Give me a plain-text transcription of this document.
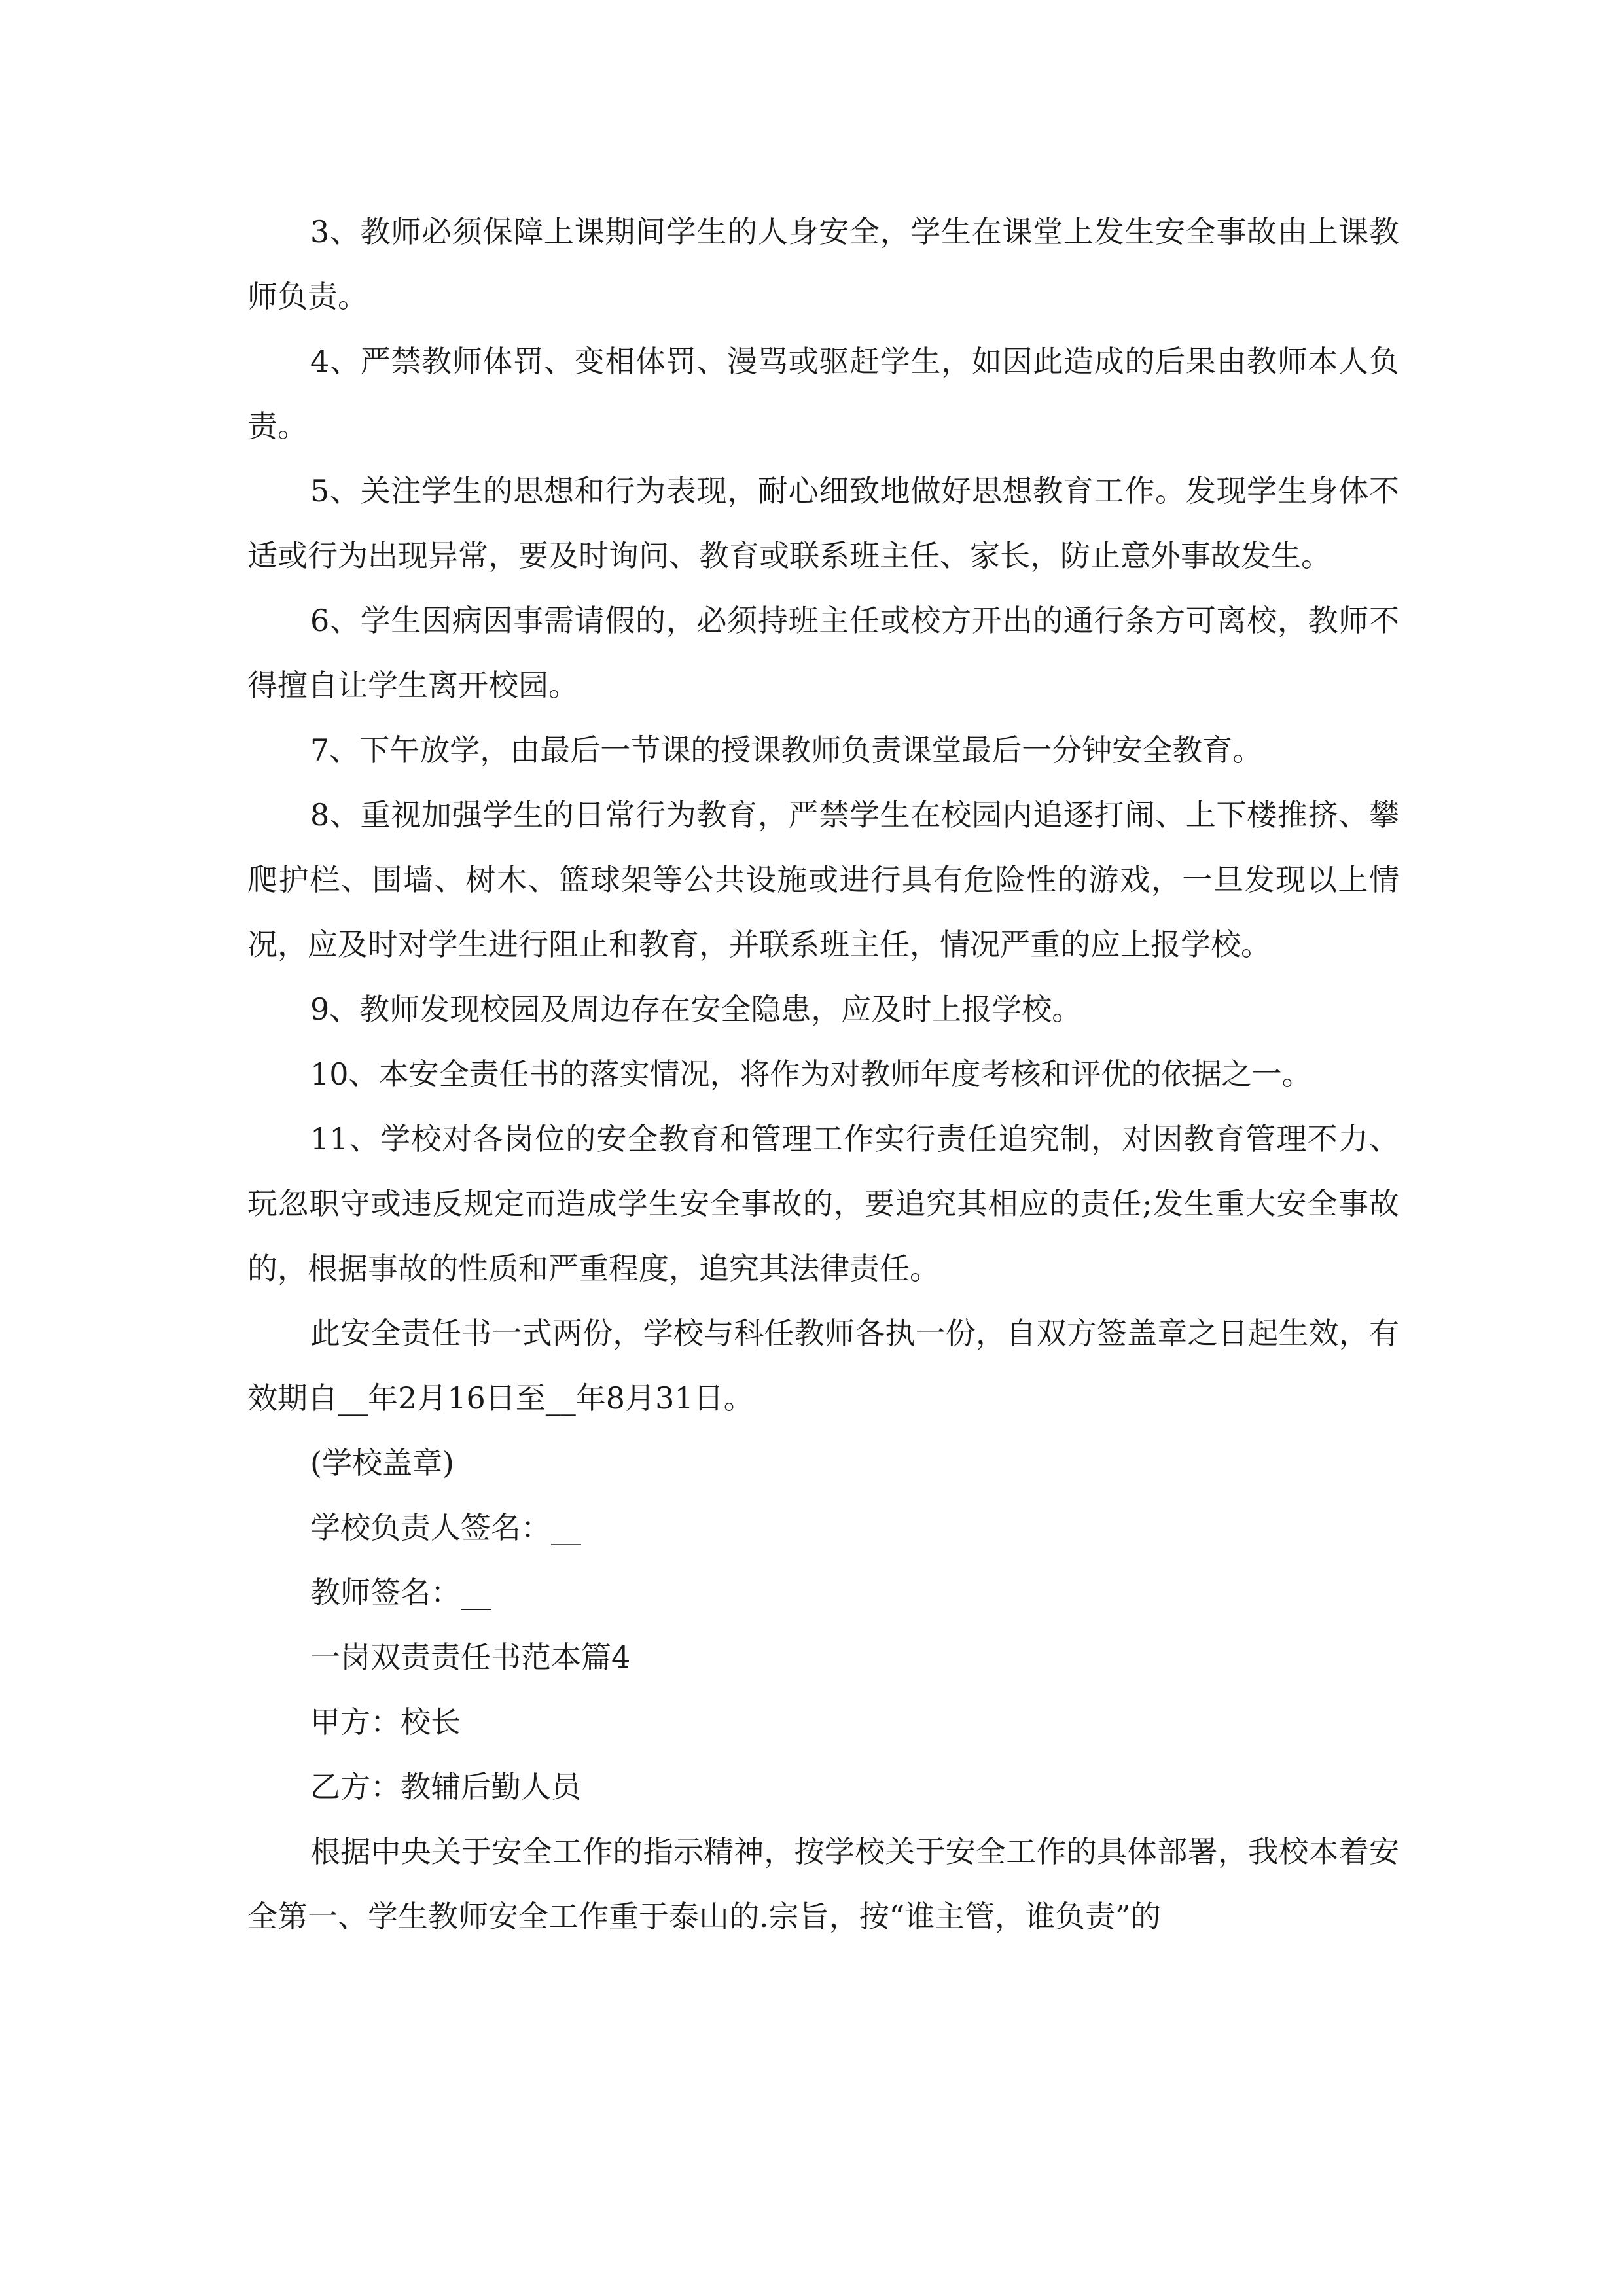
3、教师必须保障上课期间学生的人身安全，学生在课堂上发生安全事故由上课教师负责。

4、严禁教师体罚、变相体罚、漫骂或驱赶学生，如因此造成的后果由教师本人负责。

5、关注学生的思想和行为表现，耐心细致地做好思想教育工作。发现学生身体不适或行为出现异常，要及时询问、教育或联系班主任、家长，防止意外事故发生。

6、学生因病因事需请假的，必须持班主任或校方开出的通行条方可离校，教师不得擅自让学生离开校园。

7、下午放学，由最后一节课的授课教师负责课堂最后一分钟安全教育。

8、重视加强学生的日常行为教育，严禁学生在校园内追逐打闹、上下楼推挤、攀爬护栏、围墙、树木、篮球架等公共设施或进行具有危险性的游戏，一旦发现以上情况，应及时对学生进行阻止和教育，并联系班主任，情况严重的应上报学校。

9、教师发现校园及周边存在安全隐患，应及时上报学校。

10、本安全责任书的落实情况，将作为对教师年度考核和评优的依据之一。

11、学校对各岗位的安全教育和管理工作实行责任追究制，对因教育管理不力、玩忽职守或违反规定而造成学生安全事故的，要追究其相应的责任;发生重大安全事故的，根据事故的性质和严重程度，追究其法律责任。

此安全责任书一式两份，学校与科任教师各执一份，自双方签盖章之日起生效，有效期自__年2月16日至__年8月31日。

(学校盖章)

学校负责人签名：__

教师签名：__

一岗双责责任书范本篇4

甲方：校长

乙方：教辅后勤人员

根据中央关于安全工作的指示精神，按学校关于安全工作的具体部署，我校本着安全第一、学生教师安全工作重于泰山的.宗旨，按“谁主管，谁负责”的
